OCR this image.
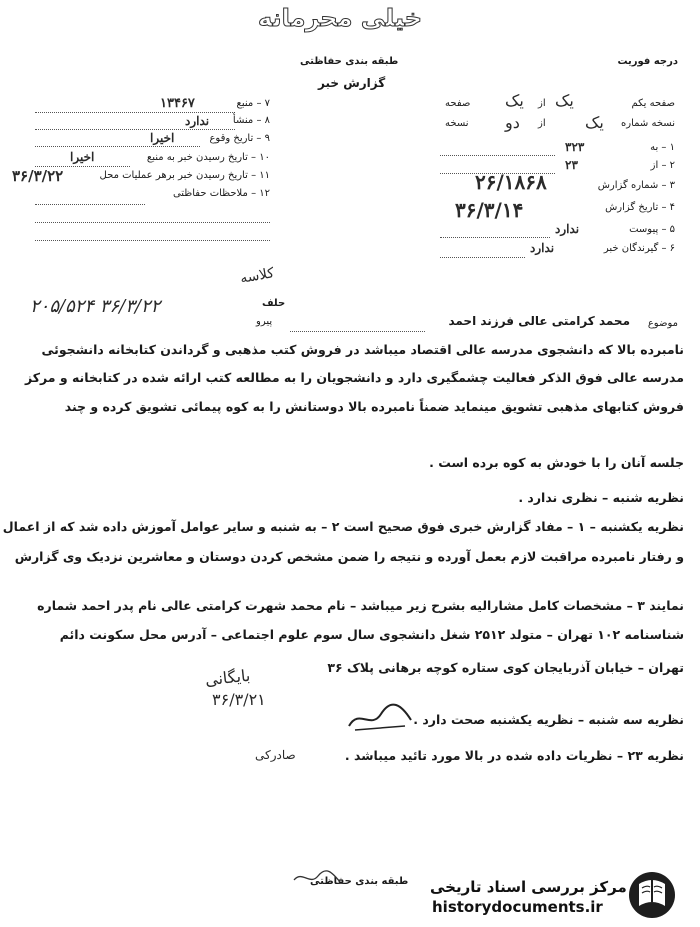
خیلی محرمانه
درجه فوریت
طبقه بندی حفاظتی
گزارش خبر
۷ – منبع
۱۳۴۶۷
۸ – منشأ
ندارد
۹ – تاریخ وقوع
اخیرا
۱۰ – تاریخ رسیدن خبر به منبع
اخیرا
۱۱ – تاریخ رسیدن خبر برهر عملیات محل
۳۶/۳/۲۲
۱۲ – ملاحظات حفاظتی
صفحه یکم
یک
از
یک
صفحه
نسخه شماره
یک
از
دو
نسخه
۱ – به
۳۲۳
۲ – از
۲۳
۳ – شماره گزارش
۲۶/۱۸۶۸
۴ – تاریخ گزارش
۳۶/۳/۱۴
۵ – پیوست
ندارد
۶ – گیرندگان خبر
ندارد
کلاسه
۲۰۵/۵۲۴ ۳۶/۳/۲۲	حلف
پیرو	موضوع
محمد کرامتی عالی فرزند احمد
نامبرده بالا که دانشجوی مدرسه عالی اقتصاد میباشد در فروش کتب مذهبی و گرداندن کتابخانه دانشجوئی
مدرسه عالی فوق الذکر فعالیت چشمگیری دارد و دانشجویان را به مطالعه کتب ارائه شده در کتابخانه و مرکز
فروش کتابهای مذهبی تشویق مینماید ضمناً نامبرده بالا دوستانش را به کوه پیمائی تشویق کرده و چند
جلسه آنان را با خودش به کوه برده است .
نظریه شنبه – نظری ندارد .
نظریه یکشنبه – ۱ – مفاد گزارش خبری فوق صحیح است ۲ – به شنبه و سایر عوامل آموزش داده شد که از اعمال
و رفتار نامبرده مراقبت لازم بعمل آورده و نتیجه را ضمن مشخص کردن دوستان و معاشرین نزدیک وی گزارش
نمایند ۳ – مشخصات کامل مشارالیه بشرح زیر میباشد – نام محمد شهرت کرامتی عالی نام پدر احمد شماره
شناسنامه ۱۰۲ تهران – متولد ۲۵۱۲ شغل دانشجوی سال سوم علوم اجتماعی – آدرس محل سکونت دائم
تهران – خیابان آذربایجان کوی ستاره کوچه برهانی پلاک ۳۶
بایگانی
۳۶/۳/۲۱
نظریه سه شنبه – نظریه یکشنبه صحت دارد .
نظریه ۲۳ – نظریات داده شده در بالا مورد تائید میباشد .
صادرکی
طبقه بندی حفاظتی مرکز بررسی اسناد تاریخی
historydocuments.ir
